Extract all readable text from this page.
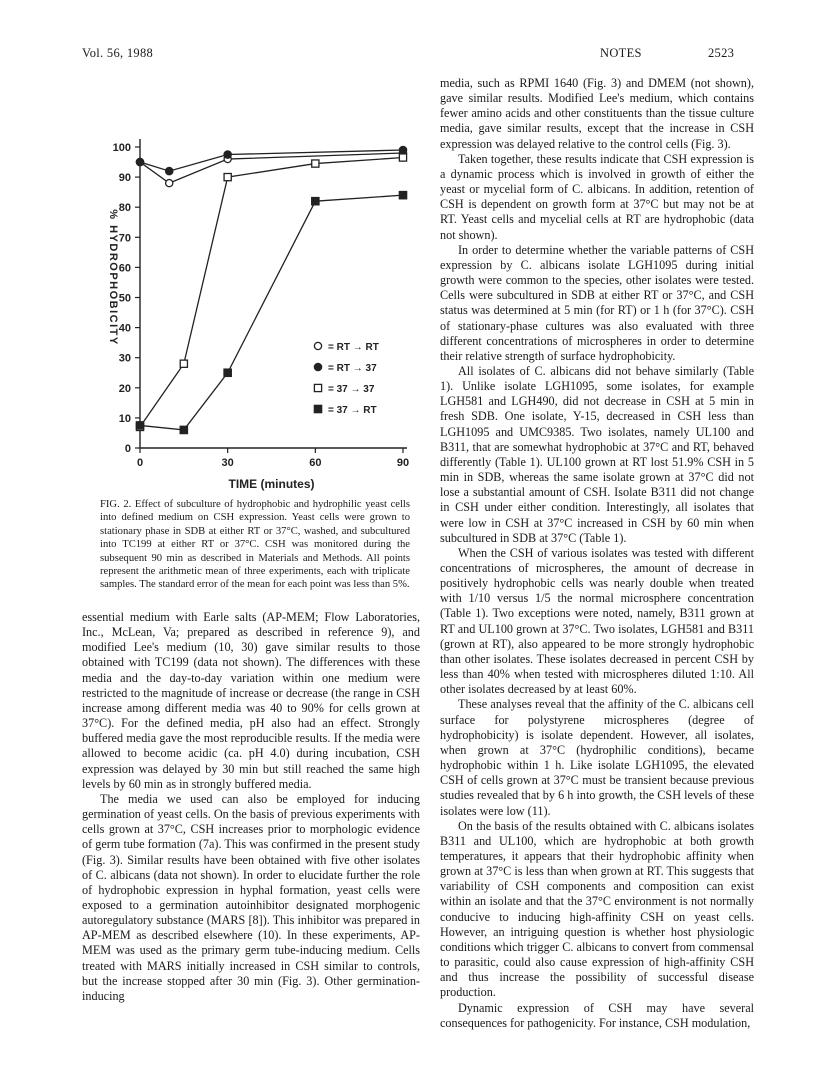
Vol. 56, 1988	NOTES	2523
0
10
20
30
40
50
60
70
80
90
100
0	30	60	90
TIME (minutes)
% HYDROPHOBICITY
= RT → RT
= RT → 37
= 37 → 37
= 37 → RT
FIG. 2. Effect of subculture of hydrophobic and hydrophilic yeast cells into defined medium on CSH expression. Yeast cells were grown to stationary phase in SDB at either RT or 37°C, washed, and subcultured into TC199 at either RT or 37°C. CSH was monitored during the subsequent 90 min as described in Materials and Methods. All points represent the arithmetic mean of three experiments, each with triplicate samples. The standard error of the mean for each point was less than 5%.

essential medium with Earle salts (AP-MEM; Flow Laboratories, Inc., McLean, Va; prepared as described in reference 9), and modified Lee's medium (10, 30) gave similar results to those obtained with TC199 (data not shown). The differences with these media and the day-to-day variation within one medium were restricted to the magnitude of increase or decrease (the range in CSH increase among different media was 40 to 90% for cells grown at 37°C). For the defined media, pH also had an effect. Strongly buffered media gave the most reproducible results. If the media were allowed to become acidic (ca. pH 4.0) during incubation, CSH expression was delayed by 30 min but still reached the same high levels by 60 min as in strongly buffered media.

The media we used can also be employed for inducing germination of yeast cells. On the basis of previous experiments with cells grown at 37°C, CSH increases prior to morphologic evidence of germ tube formation (7a). This was confirmed in the present study (Fig. 3). Similar results have been obtained with five other isolates of C. albicans (data not shown). In order to elucidate further the role of hydrophobic expression in hyphal formation, yeast cells were exposed to a germination autoinhibitor designated morphogenic autoregulatory substance (MARS [8]). This inhibitor was prepared in AP-MEM as described elsewhere (10). In these experiments, AP-MEM was used as the primary germ tube-inducing medium. Cells treated with MARS initially increased in CSH similar to controls, but the increase stopped after 30 min (Fig. 3). Other germination-inducing

media, such as RPMI 1640 (Fig. 3) and DMEM (not shown), gave similar results. Modified Lee's medium, which contains fewer amino acids and other constituents than the tissue culture media, gave similar results, except that the increase in CSH expression was delayed relative to the control cells (Fig. 3).

Taken together, these results indicate that CSH expression is a dynamic process which is involved in growth of either the yeast or mycelial form of C. albicans. In addition, retention of CSH is dependent on growth form at 37°C but may not be at RT. Yeast cells and mycelial cells at RT are hydrophobic (data not shown).

In order to determine whether the variable patterns of CSH expression by C. albicans isolate LGH1095 during initial growth were common to the species, other isolates were tested. Cells were subcultured in SDB at either RT or 37°C, and CSH status was determined at 5 min (for RT) or 1 h (for 37°C). CSH of stationary-phase cultures was also evaluated with three different concentrations of microspheres in order to determine their relative strength of surface hydrophobicity.

All isolates of C. albicans did not behave similarly (Table 1). Unlike isolate LGH1095, some isolates, for example LGH581 and LGH490, did not decrease in CSH at 5 min in fresh SDB. One isolate, Y-15, decreased in CSH less than LGH1095 and UMC9385. Two isolates, namely UL100 and B311, that are somewhat hydrophobic at 37°C and RT, behaved differently (Table 1). UL100 grown at RT lost 51.9% CSH in 5 min in SDB, whereas the same isolate grown at 37°C did not lose a substantial amount of CSH. Isolate B311 did not change in CSH under either condition. Interestingly, all isolates that were low in CSH at 37°C increased in CSH by 60 min when subcultured in SDB at 37°C (Table 1).

When the CSH of various isolates was tested with different concentrations of microspheres, the amount of decrease in positively hydrophobic cells was nearly double when treated with 1/10 versus 1/5 the normal microsphere concentration (Table 1). Two exceptions were noted, namely, B311 grown at RT and UL100 grown at 37°C. Two isolates, LGH581 and B311 (grown at RT), also appeared to be more strongly hydrophobic than other isolates. These isolates decreased in percent CSH by less than 40% when tested with microspheres diluted 1:10. All other isolates decreased by at least 60%.

These analyses reveal that the affinity of the C. albicans cell surface for polystyrene microspheres (degree of hydrophobicity) is isolate dependent. However, all isolates, when grown at 37°C (hydrophilic conditions), became hydrophobic within 1 h. Like isolate LGH1095, the elevated CSH of cells grown at 37°C must be transient because previous studies revealed that by 6 h into growth, the CSH levels of these isolates were low (11).

On the basis of the results obtained with C. albicans isolates B311 and UL100, which are hydrophobic at both growth temperatures, it appears that their hydrophobic affinity when grown at 37°C is less than when grown at RT. This suggests that variability of CSH components and composition can exist within an isolate and that the 37°C environment is not normally conducive to inducing high-affinity CSH on yeast cells. However, an intriguing question is whether host physiologic conditions which trigger C. albicans to convert from commensal to parasitic, could also cause expression of high-affinity CSH and thus increase the possibility of successful disease production.

Dynamic expression of CSH may have several consequences for pathogenicity. For instance, CSH modulation,
